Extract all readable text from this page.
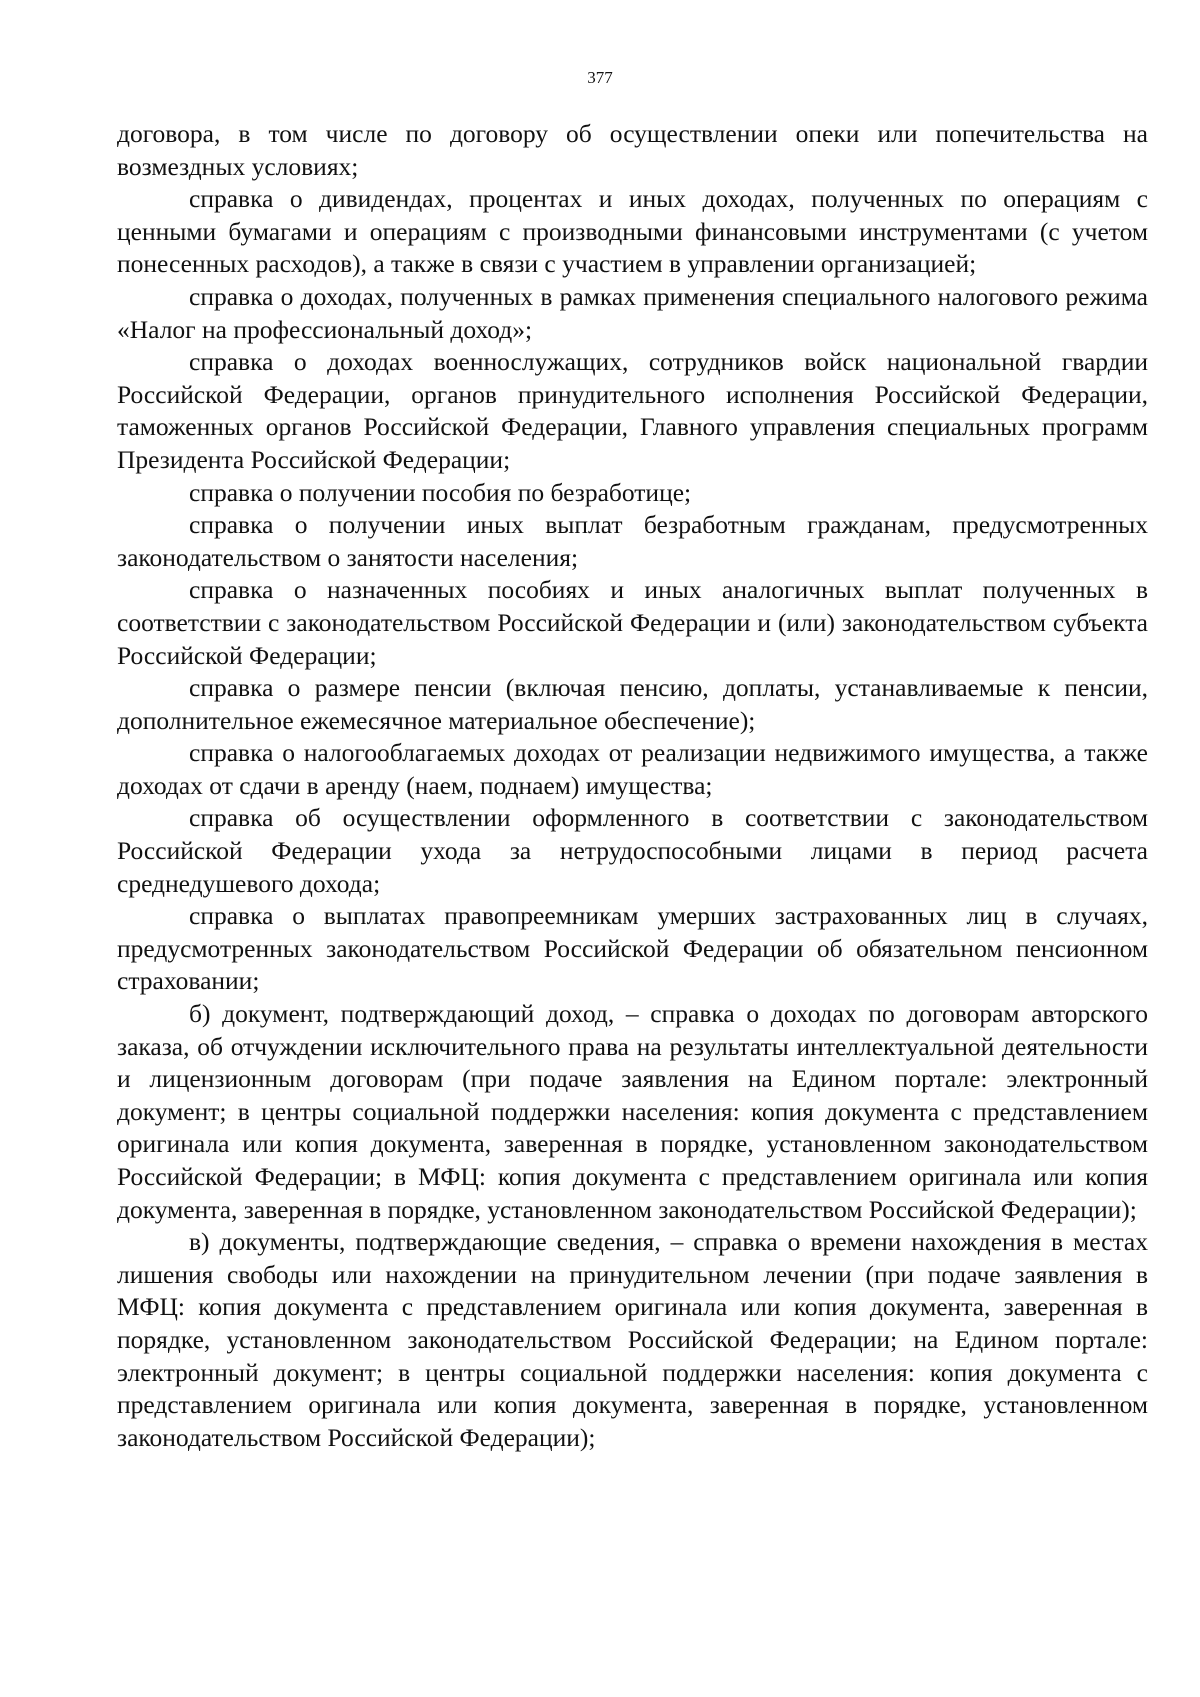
377

договора, в том числе по договору об осуществлении опеки или попечительства на возмездных условиях;

справка о дивидендах, процентах и иных доходах, полученных по операциям с ценными бумагами и операциям с производными финансовыми инструментами (с учетом понесенных расходов), а также в связи с участием в управлении организацией;

справка о доходах, полученных в рамках применения специального налогового режима «Налог на профессиональный доход»;

справка о доходах военнослужащих, сотрудников войск национальной гвардии Российской Федерации, органов принудительного исполнения Российской Федерации, таможенных органов Российской Федерации, Главного управления специальных программ Президента Российской Федерации;

справка о получении пособия по безработице;

справка о получении иных выплат безработным гражданам, предусмотренных законодательством о занятости населения;

справка о назначенных пособиях и иных аналогичных выплат полученных в соответствии с законодательством Российской Федерации и (или) законодательством субъекта Российской Федерации;

справка о размере пенсии (включая пенсию, доплаты, устанавливаемые к пенсии, дополнительное ежемесячное материальное обеспечение);

справка о налогооблагаемых доходах от реализации недвижимого имущества, а также доходах от сдачи в аренду (наем, поднаем) имущества;

справка об осуществлении оформленного в соответствии с законодательством Российской Федерации ухода за нетрудоспособными лицами в период расчета среднедушевого дохода;

справка о выплатах правопреемникам умерших застрахованных лиц в случаях, предусмотренных законодательством Российской Федерации об обязательном пенсионном страховании;

б) документ, подтверждающий доход, – справка о доходах по договорам авторского заказа, об отчуждении исключительного права на результаты интеллектуальной деятельности и лицензионным договорам (при подаче заявления на Едином портале: электронный документ; в центры социальной поддержки населения: копия документа с представлением оригинала или копия документа, заверенная в порядке, установленном законодательством Российской Федерации; в МФЦ: копия документа с представлением оригинала или копия документа, заверенная в порядке, установленном законодательством Российской Федерации);

в) документы, подтверждающие сведения, – справка о времени нахождения в местах лишения свободы или нахождении на принудительном лечении (при подаче заявления в МФЦ: копия документа с представлением оригинала или копия документа, заверенная в порядке, установленном законодательством Российской Федерации; на Едином портале: электронный документ; в центры социальной поддержки населения: копия документа с представлением оригинала или копия документа, заверенная в порядке, установленном законодательством Российской Федерации);
